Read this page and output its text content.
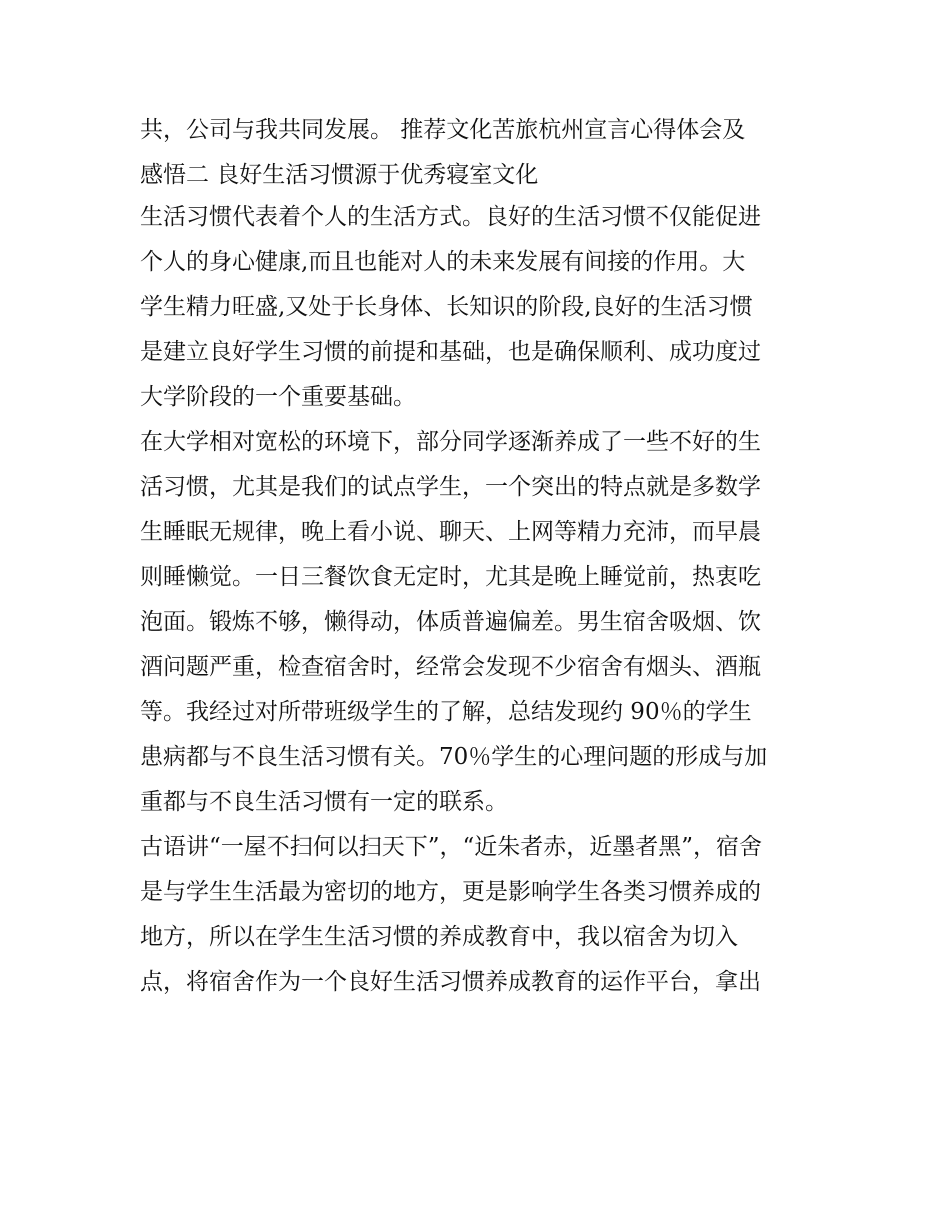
共，公司与我共同发展。 推荐文化苦旅杭州宣言心得体会及
感悟二 良好生活习惯源于优秀寝室文化

生活习惯代表着个人的生活方式。良好的生活习惯不仅能促进
个人的身心健康,而且也能对人的未来发展有间接的作用。大
学生精力旺盛,又处于长身体、长知识的阶段,良好的生活习惯
是建立良好学生习惯的前提和基础，也是确保顺利、成功度过
大学阶段的一个重要基础。

在大学相对宽松的环境下，部分同学逐渐养成了一些不好的生
活习惯，尤其是我们的试点学生，一个突出的特点就是多数学
生睡眠无规律，晚上看小说、聊天、上网等精力充沛，而早晨
则睡懒觉。一日三餐饮食无定时，尤其是晚上睡觉前，热衷吃
泡面。锻炼不够，懒得动，体质普遍偏差。男生宿舍吸烟、饮
酒问题严重，检查宿舍时，经常会发现不少宿舍有烟头、酒瓶
等。我经过对所带班级学生的了解，总结发现约 90％的学生
患病都与不良生活习惯有关。70％学生的心理问题的形成与加
重都与不良生活习惯有一定的联系。

古语讲“一屋不扫何以扫天下”，“近朱者赤，近墨者黑”，宿舍
是与学生生活最为密切的地方，更是影响学生各类习惯养成的
地方，所以在学生生活习惯的养成教育中，我以宿舍为切入
点，将宿舍作为一个良好生活习惯养成教育的运作平台，拿出
